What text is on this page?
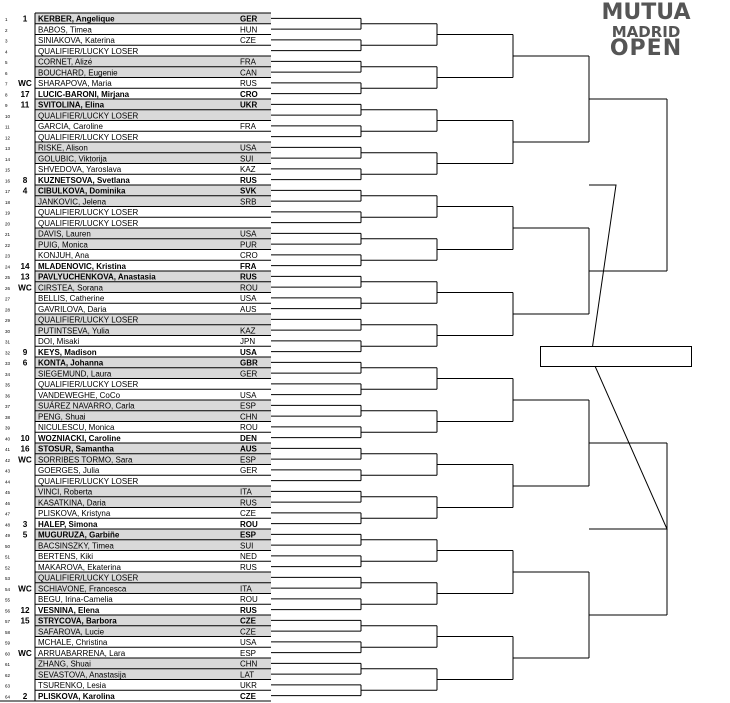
MUTUA
MADRID
OPEN
1 1 KERBER, Angelique	GER
2	BABOS, Timea	HUN
3	SINIAKOVA, Katerina	CZE
4	QUALIFIER/LUCKY LOSER
5	CORNET, Alizé	FRA
6	BOUCHARD, Eugenie	CAN
7 WC SHARAPOVA, Maria	RUS
8 17 LUCIC-BARONI, Mirjana	CRO
9 11 SVITOLINA, Elina	UKR
10	QUALIFIER/LUCKY LOSER
11	GARCIA, Caroline	FRA
12	QUALIFIER/LUCKY LOSER
13	RISKE, Alison	USA
14	GOLUBIC, Viktorija	SUI
15	SHVEDOVA, Yaroslava	KAZ
16 8 KUZNETSOVA, Svetlana	RUS
17 4 CIBULKOVA, Dominika	SVK
18	JANKOVIC, Jelena	SRB
19	QUALIFIER/LUCKY LOSER
20	QUALIFIER/LUCKY LOSER
21	DAVIS, Lauren	USA
22	PUIG, Monica	PUR
23	KONJUH, Ana	CRO
24 14 MLADENOVIC, Kristina	FRA
25 13 PAVLYUCHENKOVA, Anastasia	RUS
26 WC CIRSTEA, Sorana	ROU
27	BELLIS, Catherine	USA
28	GAVRILOVA, Daria	AUS
29	QUALIFIER/LUCKY LOSER
30	PUTINTSEVA, Yulia	KAZ
31	DOI, Misaki	JPN
32 9 KEYS, Madison	USA
33 6 KONTA, Johanna	GBR
34	SIEGEMUND, Laura	GER
35	QUALIFIER/LUCKY LOSER
36	VANDEWEGHE, CoCo	USA
37	SUÁREZ NAVARRO, Carla	ESP
38	PENG, Shuai	CHN
39	NICULESCU, Monica	ROU
40 10 WOZNIACKI, Caroline	DEN
41 16 STOSUR, Samantha	AUS
42 WC SORRIBES TORMO, Sara	ESP
43	GOERGES, Julia	GER
44	QUALIFIER/LUCKY LOSER
45	VINCI, Roberta	ITA
46	KASATKINA, Daria	RUS
47	PLISKOVA, Kristyna	CZE
48 3 HALEP, Simona	ROU
49 5 MUGURUZA, Garbiñe	ESP
50	BACSINSZKY, Timea	SUI
51	BERTENS, Kiki	NED
52	MAKAROVA, Ekaterina	RUS
53	QUALIFIER/LUCKY LOSER
54 WC SCHIAVONE, Francesca	ITA
55	BEGU, Irina-Camelia	ROU
56 12 VESNINA, Elena	RUS
57 15 STRYCOVA, Barbora	CZE
58	SAFAROVA, Lucie	CZE
59	MCHALE, Christina	USA
60 WC ARRUABARRENA, Lara	ESP
61	ZHANG, Shuai	CHN
62	SEVASTOVA, Anastasija	LAT
63	TSURENKO, Lesia	UKR
64 2 PLISKOVA, Karolina	CZE
